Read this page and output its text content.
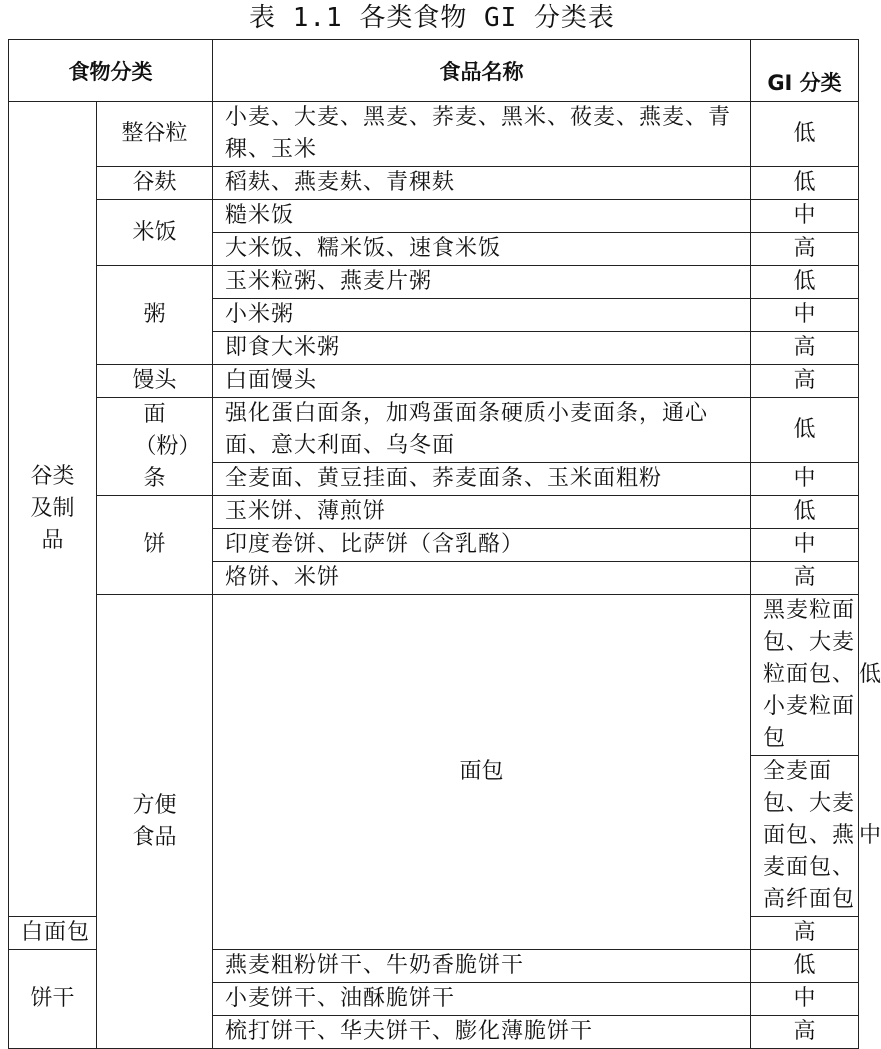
表 1.1 各类食物 GI 分类表
食物分类		食品名称	GI 分类	
谷类及制品	整谷粒	小麦、大麦、黑麦、荞麦、黑米、莜麦、燕麦、青稞、玉米	低	
	谷麸	稻麸、燕麦麸、青稞麸	低	
	米饭	糙米饭	中	
		大米饭、糯米饭、速食米饭	高	
	粥	玉米粒粥、燕麦片粥	低	
		小米粥	中	
		即食大米粥	高	
	馒头	白面馒头	高	
	面（粉）条	强化蛋白面条，加鸡蛋面条硬质小麦面条，通心面、意大利面、乌冬面	低	
		全麦面、黄豆挂面、荞麦面条、玉米面粗粉	中	
	饼	玉米饼、薄煎饼	低	
		印度卷饼、比萨饼（含乳酪）	中	
		烙饼、米饼	高	
	方便食品	面包	黑麦粒面包、大麦粒面包、小麦粒面包	低
			全麦面包、大麦面包、燕麦面包、高纤面包	中
白面包			高	
饼干		燕麦粗粉饼干、牛奶香脆饼干	低	
		小麦饼干、油酥脆饼干	中	
		梳打饼干、华夫饼干、膨化薄脆饼干	高	
